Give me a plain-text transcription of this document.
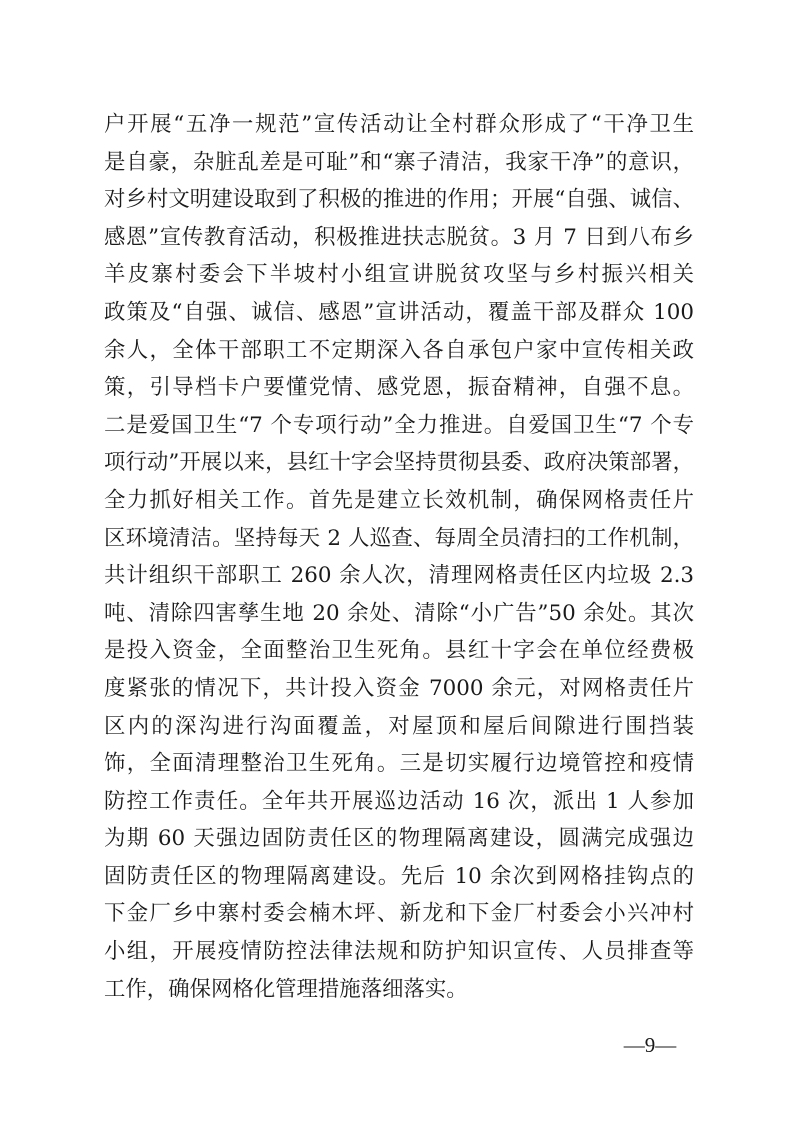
户开展“五净一规范”宣传活动让全村群众形成了“干净卫生
是自豪，杂脏乱差是可耻”和“寨子清洁，我家干净”的意识，
对乡村文明建设取到了积极的推进的作用；开展“自强、诚信、
感恩”宣传教育活动，积极推进扶志脱贫。3 月 7 日到八布乡
羊皮寨村委会下半坡村小组宣讲脱贫攻坚与乡村振兴相关
政策及“自强、诚信、感恩”宣讲活动，覆盖干部及群众 100
余人，全体干部职工不定期深入各自承包户家中宣传相关政
策，引导档卡户要懂党情、感党恩，振奋精神，自强不息。
二是爱国卫生“7 个专项行动”全力推进。自爱国卫生“7 个专
项行动”开展以来，县红十字会坚持贯彻县委、政府决策部署，
全力抓好相关工作。首先是建立长效机制，确保网格责任片
区环境清洁。坚持每天 2 人巡查、每周全员清扫的工作机制，
共计组织干部职工 260 余人次，清理网格责任区内垃圾 2.3
吨、清除四害孳生地 20 余处、清除“小广告”50 余处。其次
是投入资金，全面整治卫生死角。县红十字会在单位经费极
度紧张的情况下，共计投入资金 7000 余元，对网格责任片
区内的深沟进行沟面覆盖，对屋顶和屋后间隙进行围挡装
饰，全面清理整治卫生死角。三是切实履行边境管控和疫情
防控工作责任。全年共开展巡边活动 16 次，派出 1 人参加
为期 60 天强边固防责任区的物理隔离建设，圆满完成强边
固防责任区的物理隔离建设。先后 10 余次到网格挂钩点的
下金厂乡中寨村委会楠木坪、新龙和下金厂村委会小兴冲村
小组，开展疫情防控法律法规和防护知识宣传、人员排查等
工作，确保网格化管理措施落细落实。
—9—
